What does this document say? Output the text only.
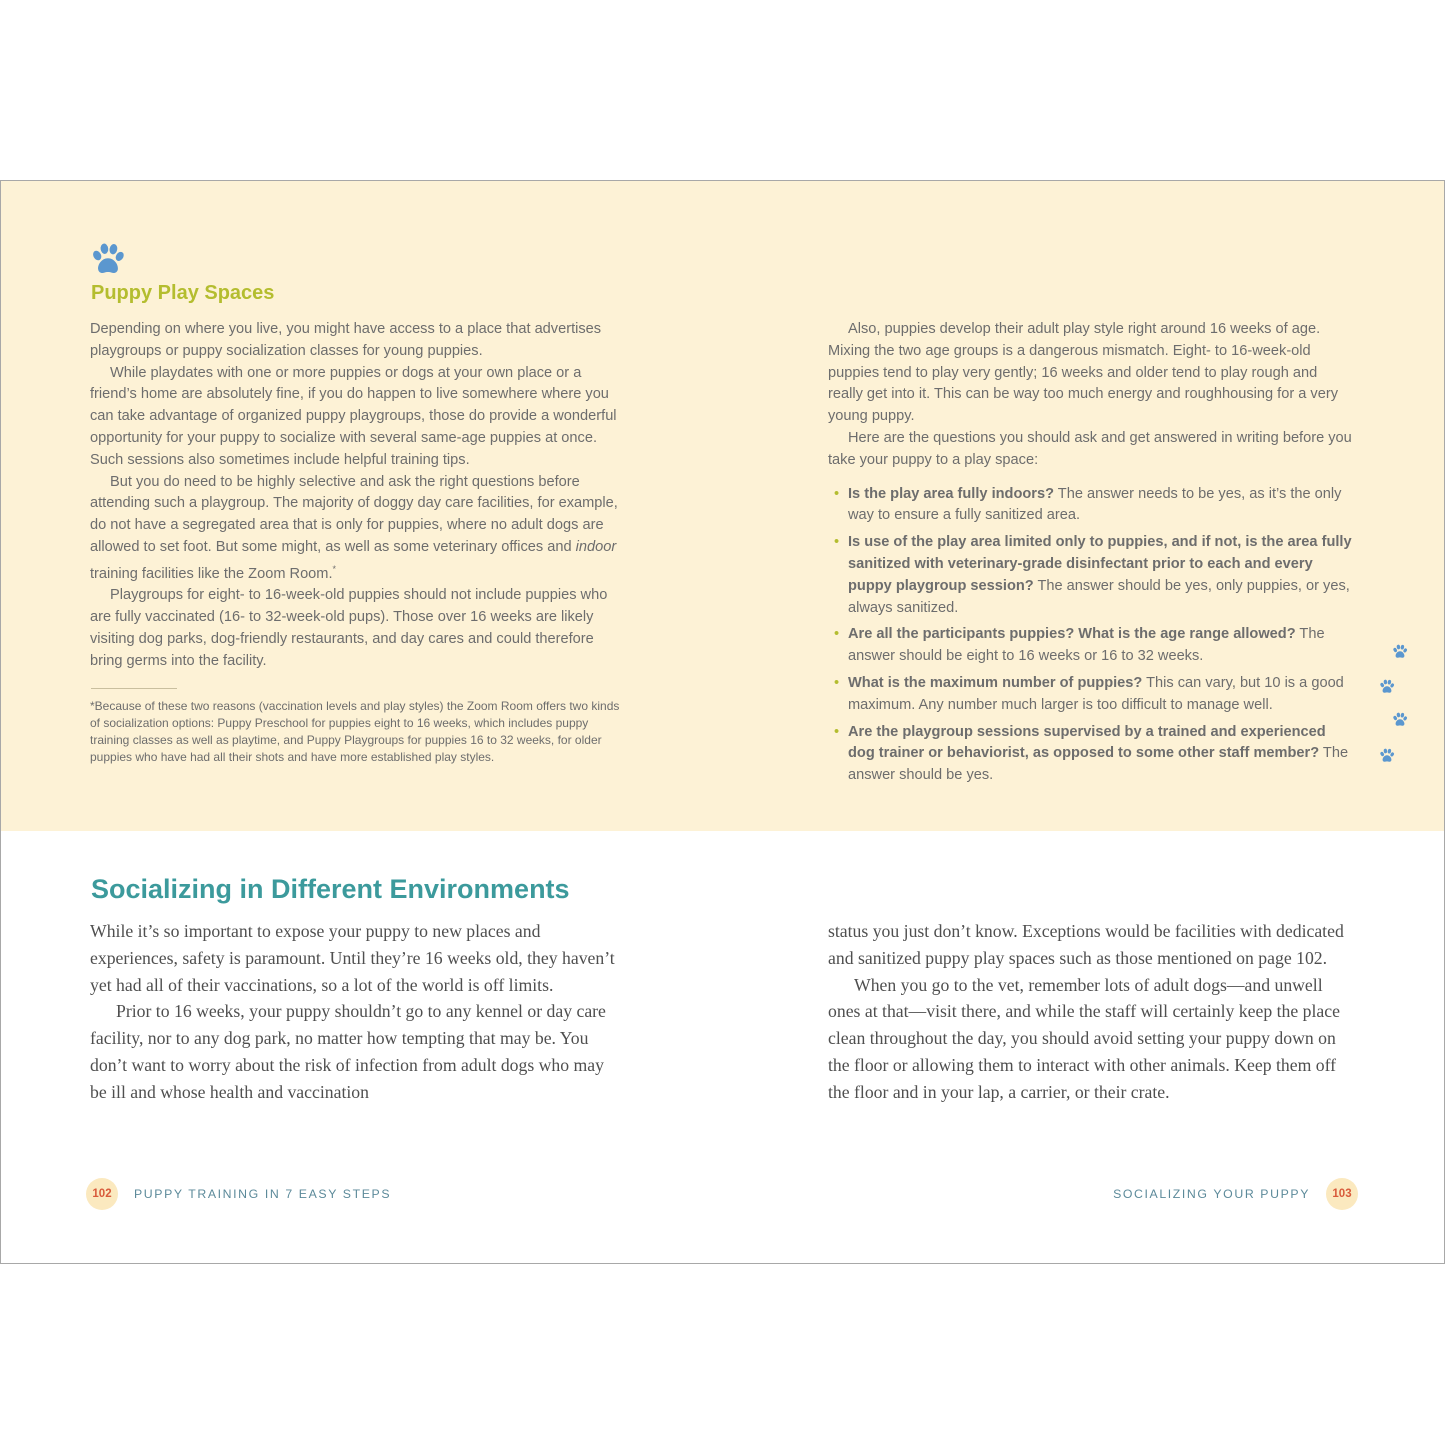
Puppy Play Spaces

Depending on where you live, you might have access to a place that advertises playgroups or puppy socialization classes for young puppies.

While playdates with one or more puppies or dogs at your own place or a friend’s home are absolutely fine, if you do happen to live somewhere where you can take advantage of organized puppy playgroups, those do provide a wonderful opportunity for your puppy to socialize with several same-age puppies at once. Such sessions also sometimes include helpful training tips.

But you do need to be highly selective and ask the right questions before attending such a playgroup. The majority of doggy day care facilities, for example, do not have a segregated area that is only for puppies, where no adult dogs are allowed to set foot. But some might, as well as some veterinary offices and indoor training facilities like the Zoom Room.*

Playgroups for eight- to 16-week-old puppies should not include puppies who are fully vaccinated (16- to 32-week-old pups). Those over 16 weeks are likely visiting dog parks, dog-friendly restaurants, and day cares and could therefore bring germs into the facility.

*Because of these two reasons (vaccination levels and play styles) the Zoom Room offers two kinds of socialization options: Puppy Preschool for puppies eight to 16 weeks, which includes puppy training classes as well as playtime, and Puppy Playgroups for puppies 16 to 32 weeks, for older puppies who have had all their shots and have more established play styles.

Also, puppies develop their adult play style right around 16 weeks of age. Mixing the two age groups is a dangerous mismatch. Eight- to 16-week-old puppies tend to play very gently; 16 weeks and older tend to play rough and really get into it. This can be way too much energy and roughhousing for a very young puppy.

Here are the questions you should ask and get answered in writing before you take your puppy to a play space:

• Is the play area fully indoors? The answer needs to be yes, as it’s the only way to ensure a fully sanitized area.
• Is use of the play area limited only to puppies, and if not, is the area fully sanitized with veterinary-grade disinfectant prior to each and every puppy playgroup session? The answer should be yes, only puppies, or yes, always sanitized.
• Are all the participants puppies? What is the age range allowed? The answer should be eight to 16 weeks or 16 to 32 weeks.
• What is the maximum number of puppies? This can vary, but 10 is a good maximum. Any number much larger is too difficult to manage well.
• Are the playgroup sessions supervised by a trained and experienced dog trainer or behaviorist, as opposed to some other staff member? The answer should be yes.
Socializing in Different Environments

While it’s so important to expose your puppy to new places and experiences, safety is paramount. Until they’re 16 weeks old, they haven’t yet had all of their vaccinations, so a lot of the world is off limits.

Prior to 16 weeks, your puppy shouldn’t go to any kennel or day care facility, nor to any dog park, no matter how tempting that may be. You don’t want to worry about the risk of infection from adult dogs who may be ill and whose health and vaccination

status you just don’t know. Exceptions would be facilities with dedicated and sanitized puppy play spaces such as those mentioned on page 102.

When you go to the vet, remember lots of adult dogs—and unwell ones at that—visit there, and while the staff will certainly keep the place clean throughout the day, you should avoid setting your puppy down on the floor or allowing them to interact with other animals. Keep them off the floor and in your lap, a carrier, or their crate.

102	PUPPY TRAINING IN 7 EASY STEPS	SOCIALIZING YOUR PUPPY	103
